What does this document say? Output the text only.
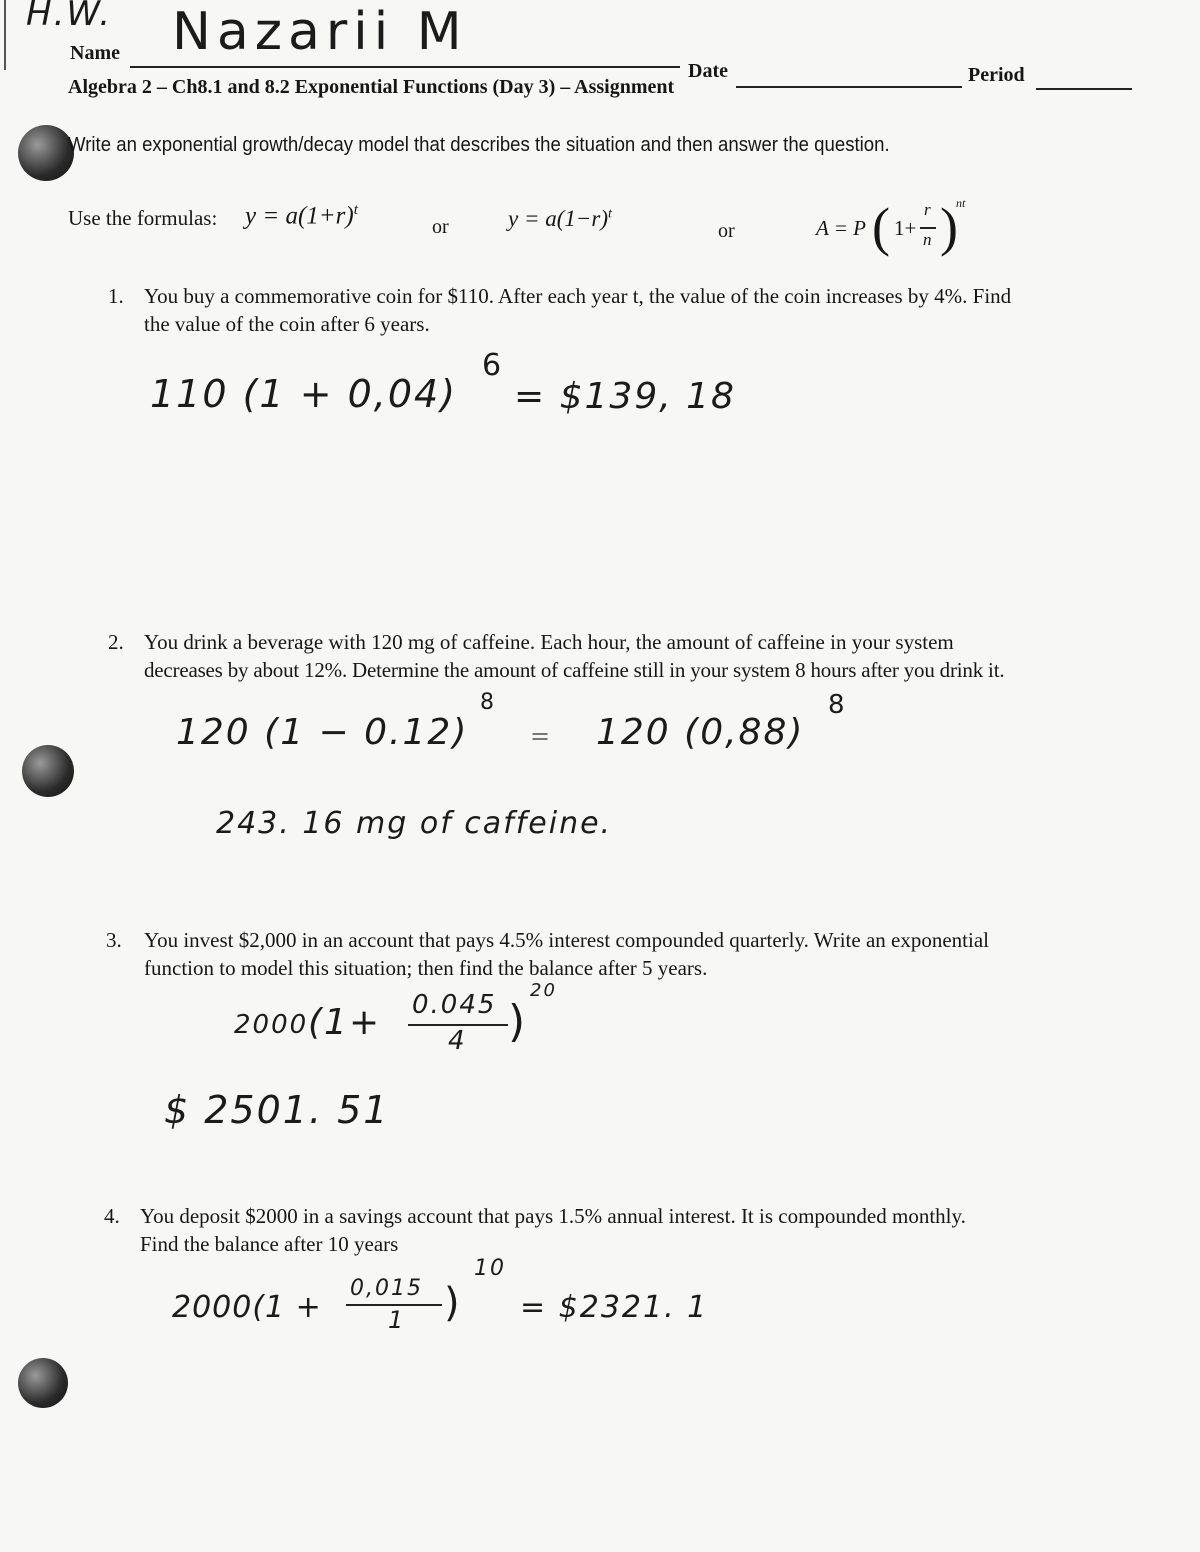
H.W.
Name Nazarii M
Date	Period
Algebra 2 – Ch8.1 and 8.2 Exponential Functions (Day 3) – Assignment
Write an exponential growth/decay model that describes the situation and then answer the question.
Use the formulas: $y = a(1+r)^t$
or	$y = a(1-r)^t$
or	A = P ( 1+
r
n )
nt
1. You buy a commemorative coin for $110. After each year t, the value of the coin increases by 4%. Find
the value of the coin after 6 years.
110 (1 + 0,04)
6
= $139, 18
2. You drink a beverage with 120 mg of caffeine. Each hour, the amount of caffeine in your system
decreases by about 12%. Determine the amount of caffeine still in your system 8 hours after you drink it.
120 (1 − 0.12)
8
= 120 (0,88)
8
243. 16 mg of caffeine.
3. You invest $2,000 in an account that pays 4.5% interest compounded quarterly. Write an exponential
function to model this situation; then find the balance after 5 years.
2000 (1+ 0.045
4 )
20
$ 2501. 51
4. You deposit $2000 in a savings account that pays 1.5% annual interest. It is compounded monthly.
Find the balance after 10 years
2000(1 +
0,015
1 )
10
= $2321. 1
